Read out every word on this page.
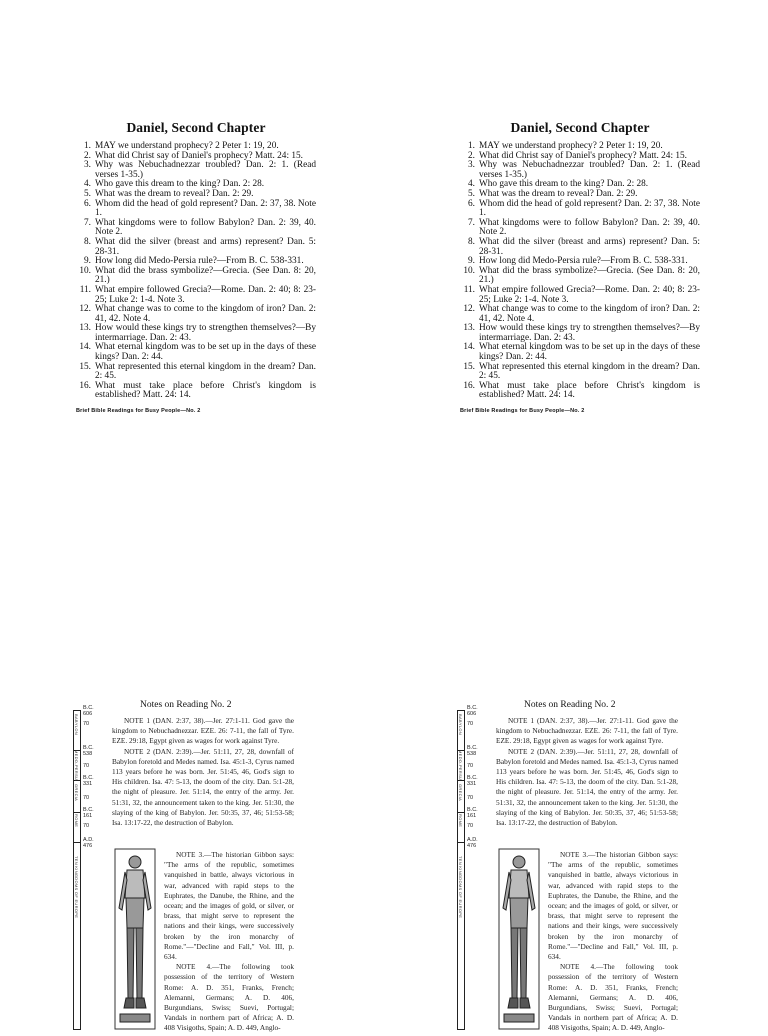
Daniel, Second Chapter
1. MAY we understand prophecy? 2 Peter 1: 19, 20.
2. What did Christ say of Daniel's prophecy? Matt. 24: 15.
3. Why was Nebuchadnezzar troubled? Dan. 2: 1. (Read verses 1-35.)
4. Who gave this dream to the king? Dan. 2: 28.
5. What was the dream to reveal? Dan. 2: 29.
6. Whom did the head of gold represent? Dan. 2: 37, 38. Note 1.
7. What kingdoms were to follow Babylon? Dan. 2: 39, 40. Note 2.
8. What did the silver (breast and arms) represent? Dan. 5: 28-31.
9. How long did Medo-Persia rule?—From B. C. 538-331.
10. What did the brass symbolize?—Grecia. (See Dan. 8: 20, 21.)
11. What empire followed Grecia?—Rome. Dan. 2: 40; 8: 23-25; Luke 2: 1-4. Note 3.
12. What change was to come to the kingdom of iron? Dan. 2: 41, 42. Note 4.
13. How would these kings try to strengthen themselves?—By intermarriage. Dan. 2: 43.
14. What eternal kingdom was to be set up in the days of these kings? Dan. 2: 44.
15. What represented this eternal kingdom in the dream? Dan. 2: 45.
16. What must take place before Christ's kingdom is established? Matt. 24: 14.
Brief Bible Readings for Busy People—No. 2
Daniel, Second Chapter
1. MAY we understand prophecy? 2 Peter 1: 19, 20.
2. What did Christ say of Daniel's prophecy? Matt. 24: 15.
3. Why was Nebuchadnezzar troubled? Dan. 2: 1. (Read verses 1-35.)
4. Who gave this dream to the king? Dan. 2: 28.
5. What was the dream to reveal? Dan. 2: 29.
6. Whom did the head of gold represent? Dan. 2: 37, 38. Note 1.
7. What kingdoms were to follow Babylon? Dan. 2: 39, 40. Note 2.
8. What did the silver (breast and arms) represent? Dan. 5: 28-31.
9. How long did Medo-Persia rule?—From B. C. 538-331.
10. What did the brass symbolize?—Grecia. (See Dan. 8: 20, 21.)
11. What empire followed Grecia?—Rome. Dan. 2: 40; 8: 23-25; Luke 2: 1-4. Note 3.
12. What change was to come to the kingdom of iron? Dan. 2: 41, 42. Note 4.
13. How would these kings try to strengthen themselves?—By intermarriage. Dan. 2: 43.
14. What eternal kingdom was to be set up in the days of these kings? Dan. 2: 44.
15. What represented this eternal kingdom in the dream? Dan. 2: 45.
16. What must take place before Christ's kingdom is established? Matt. 24: 14.
Brief Bible Readings for Busy People—No. 2
B.C. 606
70
B.C. 538
70
B.C. 331
70
B.C. 161
70
A.D. 476
BABYLON
MEDO-PERSIA
GRECIA
ROME
TEN KINGDOMS OF EUROPE
Notes on Reading No. 2

NOTE 1 (DAN. 2:37, 38).—Jer. 27:1-11. God gave the kingdom to Nebuchadnezzar. EZE. 26: 7-11, the fall of Tyre. EZE. 29:18, Egypt given as wages for work against Tyre.

NOTE 2 (DAN. 2:39).—Jer. 51:11, 27, 28, downfall of Babylon foretold and Medes named. Isa. 45:1-3, Cyrus named 113 years before he was born. Jer. 51:45, 46, God's sign to His children. Isa. 47: 5-13, the doom of the city. Dan. 5:1-28, the night of pleasure. Jer. 51:14, the entry of the army. Jer. 51:31, 32, the announcement taken to the king. Jer. 51:30, the slaying of the king of Babylon. Jer. 50:35, 37, 46; 51:53-58; Isa. 13:17-22, the destruction of Babylon.

NOTE 3.—The historian Gibbon says: "The arms of the republic, sometimes vanquished in battle, always victorious in war, advanced with rapid steps to the Euphrates, the Danube, the Rhine, and the ocean; and the images of gold, or silver, or brass, that might serve to represent the nations and their kings, were successively broken by the iron monarchy of Rome."—"Decline and Fall," Vol. III, p. 634.

NOTE 4.—The following took possession of the territory of Western Rome: A. D. 351, Franks, French; Alemanni, Germans; A. D. 406, Burgundians, Swiss; Suevi, Portugal; Vandals in northern part of Africa; A. D. 408 Visigoths, Spain; A. D. 449, Anglo-

B.C. 606
70
B.C. 538
70
B.C. 331
70
B.C. 161
70
A.D. 476
BABYLON
MEDO-PERSIA
GRECIA
ROME
TEN KINGDOMS OF EUROPE
Notes on Reading No. 2

NOTE 1 (DAN. 2:37, 38).—Jer. 27:1-11. God gave the kingdom to Nebuchadnezzar. EZE. 26: 7-11, the fall of Tyre. EZE. 29:18, Egypt given as wages for work against Tyre.

NOTE 2 (DAN. 2:39).—Jer. 51:11, 27, 28, downfall of Babylon foretold and Medes named. Isa. 45:1-3, Cyrus named 113 years before he was born. Jer. 51:45, 46, God's sign to His children. Isa. 47: 5-13, the doom of the city. Dan. 5:1-28, the night of pleasure. Jer. 51:14, the entry of the army. Jer. 51:31, 32, the announcement taken to the king. Jer. 51:30, the slaying of the king of Babylon. Jer. 50:35, 37, 46; 51:53-58; Isa. 13:17-22, the destruction of Babylon.

NOTE 3.—The historian Gibbon says: "The arms of the republic, sometimes vanquished in battle, always victorious in war, advanced with rapid steps to the Euphrates, the Danube, the Rhine, and the ocean; and the images of gold, or silver, or brass, that might serve to represent the nations and their kings, were successively broken by the iron monarchy of Rome."—"Decline and Fall," Vol. III, p. 634.

NOTE 4.—The following took possession of the territory of Western Rome: A. D. 351, Franks, French; Alemanni, Germans; A. D. 406, Burgundians, Swiss; Suevi, Portugal; Vandals in northern part of Africa; A. D. 408 Visigoths, Spain; A. D. 449, Anglo-
